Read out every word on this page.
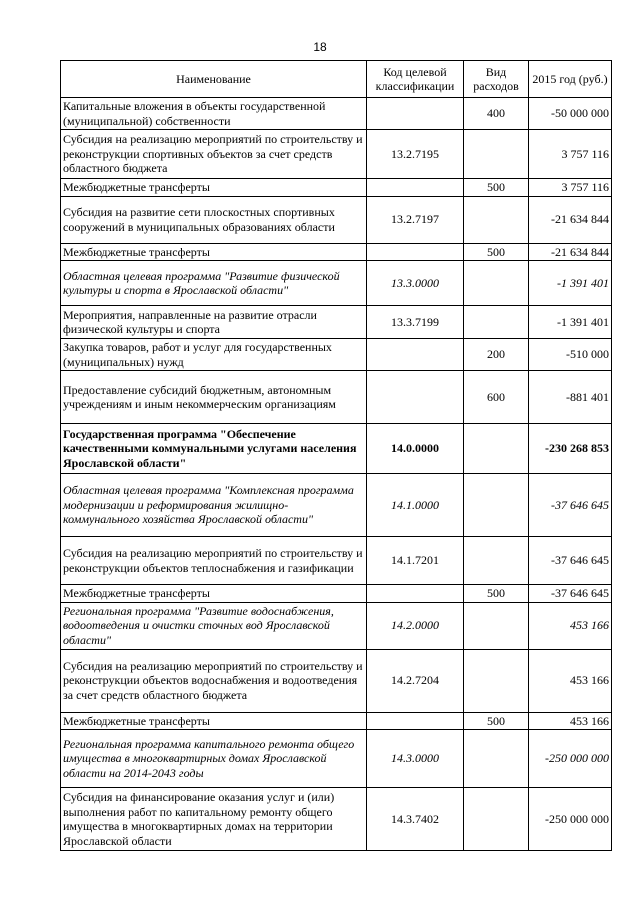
18
Наименование	Код целевой классификации	Вид расходов	2015 год (руб.)
Капитальные вложения в объекты государственной (муниципальной) собственности		400	-50 000 000
Субсидия на реализацию мероприятий по строительству и реконструкции спортивных объектов за счет средств областного бюджета	13.2.7195		3 757 116
Межбюджетные трансферты		500	3 757 116
Субсидия на развитие сети плоскостных спортивных сооружений в муниципальных образованиях области	13.2.7197		-21 634 844
Межбюджетные трансферты		500	-21 634 844
Областная целевая программа "Развитие физической культуры и спорта в Ярославской области"	13.3.0000		-1 391 401
Мероприятия, направленные на развитие отрасли физической культуры и спорта	13.3.7199		-1 391 401
Закупка товаров, работ и услуг для государственных (муниципальных) нужд		200	-510 000
Предоставление субсидий бюджетным, автономным учреждениям и иным некоммерческим организациям		600	-881 401
Государственная программа "Обеспечение качественными коммунальными услугами населения Ярославской области"	14.0.0000		-230 268 853
Областная целевая программа "Комплексная программа модернизации и реформирования жилищно-коммунального хозяйства Ярославской области"	14.1.0000		-37 646 645
Субсидия на реализацию мероприятий по строительству и реконструкции объектов теплоснабжения и газификации	14.1.7201		-37 646 645
Межбюджетные трансферты		500	-37 646 645
Региональная программа "Развитие водоснабжения, водоотведения и очистки сточных вод Ярославской области"	14.2.0000		453 166
Субсидия на реализацию мероприятий по строительству и реконструкции объектов водоснабжения и водоотведения за счет средств областного бюджета	14.2.7204		453 166
Межбюджетные трансферты		500	453 166
Региональная программа капитального ремонта общего имущества в многоквартирных домах Ярославской области на 2014-2043 годы	14.3.0000		-250 000 000
Субсидия на финансирование оказания услуг и (или) выполнения работ по капитальному ремонту общего имущества в многоквартирных домах на территории Ярославской области	14.3.7402		-250 000 000
